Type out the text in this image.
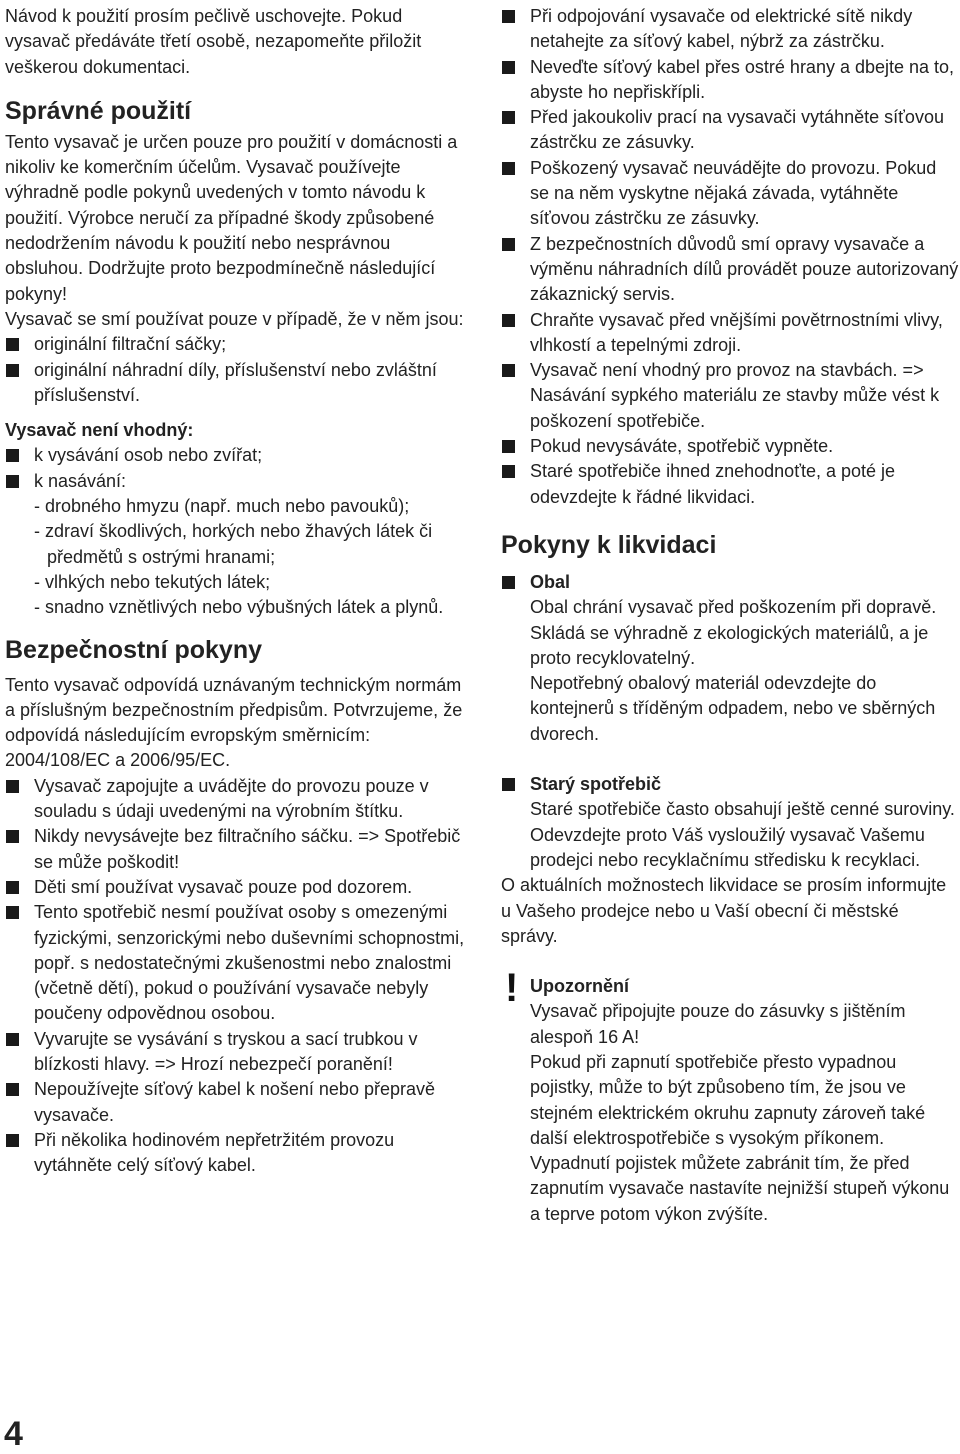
Návod k použití prosím pečlivě uschovejte. Pokud vysavač předáváte třetí osobě, nezapomeňte přiložit veškerou dokumentaci.

Správné použití

Tento vysavač je určen pouze pro použití v domácnosti a nikoliv ke komerčním účelům. Vysavač používejte výhradně podle pokynů uvedených v tomto návodu k použití. Výrobce neručí za případné škody způsobené nedodržením návodu k použití nebo nesprávnou obsluhou. Dodržujte proto bezpodmínečně následující pokyny!

Vysavač se smí používat pouze v případě, že v něm jsou:

originální filtrační sáčky;
originální náhradní díly, příslušenství nebo zvláštní příslušenství.

Vysavač není vhodný:

k vysávání osob nebo zvířat;
k nasávání:
- drobného hmyzu (např. much nebo pavouků);
- zdraví škodlivých, horkých nebo žhavých látek či předmětů s ostrými hranami;
- vlhkých nebo tekutých látek;
- snadno vznětlivých nebo výbušných látek a plynů.
Bezpečnostní pokyny

Tento vysavač odpovídá uznávaným technickým normám a příslušným bezpečnostním předpisům. Potvrzujeme, že odpovídá následujícím evropským směrnicím: 2004/108/EC a 2006/95/EC.

Vysavač zapojujte a uvádějte do provozu pouze v souladu s údaji uvedenými na výrobním štítku.
Nikdy nevysávejte bez filtračního sáčku. => Spotřebič se může poškodit!
Děti smí používat vysavač pouze pod dozorem.
Tento spotřebič nesmí používat osoby s omezenými fyzickými, senzorickými nebo duševními schopnostmi, popř. s nedostatečnými zkušenostmi nebo znalostmi (včetně dětí), pokud o používání vysavače nebyly poučeny odpovědnou osobou.
Vyvarujte se vysávání s tryskou a sací trubkou v blízkosti hlavy. => Hrozí nebezpečí poranění!
Nepoužívejte síťový kabel k nošení nebo přepravě vysavače.
Při několika hodinovém nepřetržitém provozu vytáhněte celý síťový kabel.
Při odpojování vysavače od elektrické sítě nikdy netahejte za síťový kabel, nýbrž za zástrčku.
Neveďte síťový kabel přes ostré hrany a dbejte na to, abyste ho nepřiskřípli.
Před jakoukoliv prací na vysavači vytáhněte síťovou zástrčku ze zásuvky.
Poškozený vysavač neuvádějte do provozu. Pokud se na něm vyskytne nějaká závada, vytáhněte síťovou zástrčku ze zásuvky.
Z bezpečnostních důvodů smí opravy vysavače a výměnu náhradních dílů provádět pouze autorizovaný zákaznický servis.
Chraňte vysavač před vnějšími povětrnostními vlivy, vlhkostí a tepelnými zdroji.
Vysavač není vhodný pro provoz na stavbách. => Nasávání sypkého materiálu ze stavby může vést k poškození spotřebiče.
Pokud nevysáváte, spotřebič vypněte.
Staré spotřebiče ihned znehodnoťte, a poté je odevzdejte k řádné likvidaci.
Pokyny k likvidaci

Obal

Obal chrání vysavač před poškozením při dopravě.

Skládá se výhradně z ekologických materiálů, a je proto recyklovatelný.

Nepotřebný obalový materiál odevzdejte do kontejnerů s tříděným odpadem, nebo ve sběrných dvorech.

Starý spotřebič

Staré spotřebiče často obsahují ještě cenné suroviny.

Odevzdejte proto Váš vysloužilý vysavač Vašemu prodejci nebo recyklačnímu středisku k recyklaci.

O aktuálních možnostech likvidace se prosím informujte u Vašeho prodejce nebo u Vaší obecní či městské správy.

! Upozornění

Vysavač připojujte pouze do zásuvky s jištěním alespoň 16 A!

Pokud při zapnutí spotřebiče přesto vypadnou pojistky, může to být způsobeno tím, že jsou ve stejném elektrickém okruhu zapnuty zároveň také další elektrospotřebiče s vysokým příkonem.

Vypadnutí pojistek můžete zabránit tím, že před zapnutím vysavače nastavíte nejnižší stupeň výkonu a teprve potom výkon zvýšíte.

4
